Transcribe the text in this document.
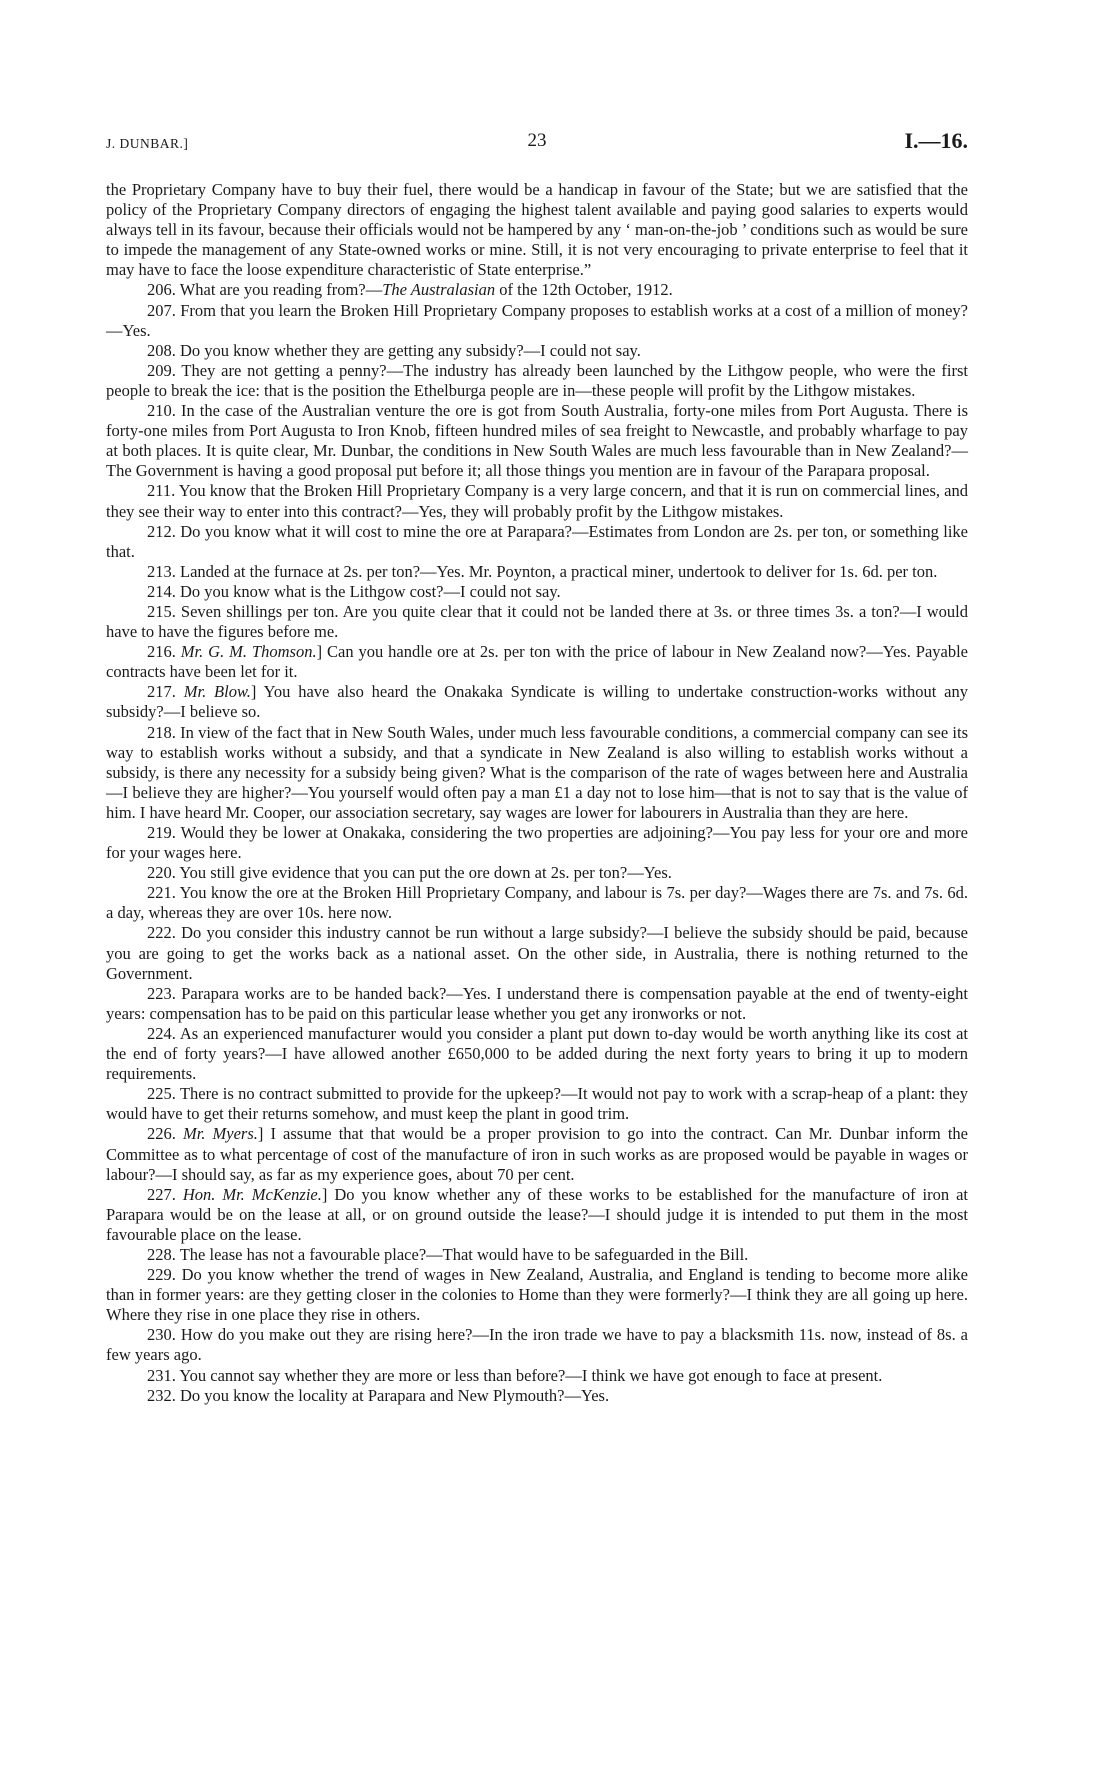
J. DUNBAR.]	23	I.—16.

the Proprietary Company have to buy their fuel, there would be a handicap in favour of the State; but we are satisfied that the policy of the Proprietary Company directors of engaging the highest talent available and paying good salaries to experts would always tell in its favour, because their officials would not be hampered by any ‘ man-on-the-job ’ conditions such as would be sure to impede the management of any State-owned works or mine. Still, it is not very encouraging to private enterprise to feel that it may have to face the loose expenditure characteristic of State enterprise.”

206. What are you reading from?—The Australasian of the 12th October, 1912.

207. From that you learn the Broken Hill Proprietary Company proposes to establish works at a cost of a million of money?—Yes.

208. Do you know whether they are getting any subsidy?—I could not say.

209. They are not getting a penny?—The industry has already been launched by the Lithgow people, who were the first people to break the ice: that is the position the Ethelburga people are in—these people will profit by the Lithgow mistakes.

210. In the case of the Australian venture the ore is got from South Australia, forty-one miles from Port Augusta. There is forty-one miles from Port Augusta to Iron Knob, fifteen hundred miles of sea freight to Newcastle, and probably wharfage to pay at both places. It is quite clear, Mr. Dunbar, the conditions in New South Wales are much less favourable than in New Zealand?—The Government is having a good proposal put before it; all those things you mention are in favour of the Parapara proposal.

211. You know that the Broken Hill Proprietary Company is a very large concern, and that it is run on commercial lines, and they see their way to enter into this contract?—Yes, they will probably profit by the Lithgow mistakes.

212. Do you know what it will cost to mine the ore at Parapara?—Estimates from London are 2s. per ton, or something like that.

213. Landed at the furnace at 2s. per ton?—Yes. Mr. Poynton, a practical miner, undertook to deliver for 1s. 6d. per ton.

214. Do you know what is the Lithgow cost?—I could not say.

215. Seven shillings per ton. Are you quite clear that it could not be landed there at 3s. or three times 3s. a ton?—I would have to have the figures before me.

216. Mr. G. M. Thomson.] Can you handle ore at 2s. per ton with the price of labour in New Zealand now?—Yes. Payable contracts have been let for it.

217. Mr. Blow.] You have also heard the Onakaka Syndicate is willing to undertake construction-works without any subsidy?—I believe so.

218. In view of the fact that in New South Wales, under much less favourable conditions, a commercial company can see its way to establish works without a subsidy, and that a syndicate in New Zealand is also willing to establish works without a subsidy, is there any necessity for a subsidy being given? What is the comparison of the rate of wages between here and Australia—I believe they are higher?—You yourself would often pay a man £1 a day not to lose him—that is not to say that is the value of him. I have heard Mr. Cooper, our association secretary, say wages are lower for labourers in Australia than they are here.

219. Would they be lower at Onakaka, considering the two properties are adjoining?—You pay less for your ore and more for your wages here.

220. You still give evidence that you can put the ore down at 2s. per ton?—Yes.

221. You know the ore at the Broken Hill Proprietary Company, and labour is 7s. per day?—Wages there are 7s. and 7s. 6d. a day, whereas they are over 10s. here now.

222. Do you consider this industry cannot be run without a large subsidy?—I believe the subsidy should be paid, because you are going to get the works back as a national asset. On the other side, in Australia, there is nothing returned to the Government.

223. Parapara works are to be handed back?—Yes. I understand there is compensation payable at the end of twenty-eight years: compensation has to be paid on this particular lease whether you get any ironworks or not.

224. As an experienced manufacturer would you consider a plant put down to-day would be worth anything like its cost at the end of forty years?—I have allowed another £650,000 to be added during the next forty years to bring it up to modern requirements.

225. There is no contract submitted to provide for the upkeep?—It would not pay to work with a scrap-heap of a plant: they would have to get their returns somehow, and must keep the plant in good trim.

226. Mr. Myers.] I assume that that would be a proper provision to go into the contract. Can Mr. Dunbar inform the Committee as to what percentage of cost of the manufacture of iron in such works as are proposed would be payable in wages or labour?—I should say, as far as my experience goes, about 70 per cent.

227. Hon. Mr. McKenzie.] Do you know whether any of these works to be established for the manufacture of iron at Parapara would be on the lease at all, or on ground outside the lease?—I should judge it is intended to put them in the most favourable place on the lease.

228. The lease has not a favourable place?—That would have to be safeguarded in the Bill.

229. Do you know whether the trend of wages in New Zealand, Australia, and England is tending to become more alike than in former years: are they getting closer in the colonies to Home than they were formerly?—I think they are all going up here. Where they rise in one place they rise in others.

230. How do you make out they are rising here?—In the iron trade we have to pay a blacksmith 11s. now, instead of 8s. a few years ago.

231. You cannot say whether they are more or less than before?—I think we have got enough to face at present.

232. Do you know the locality at Parapara and New Plymouth?—Yes.
